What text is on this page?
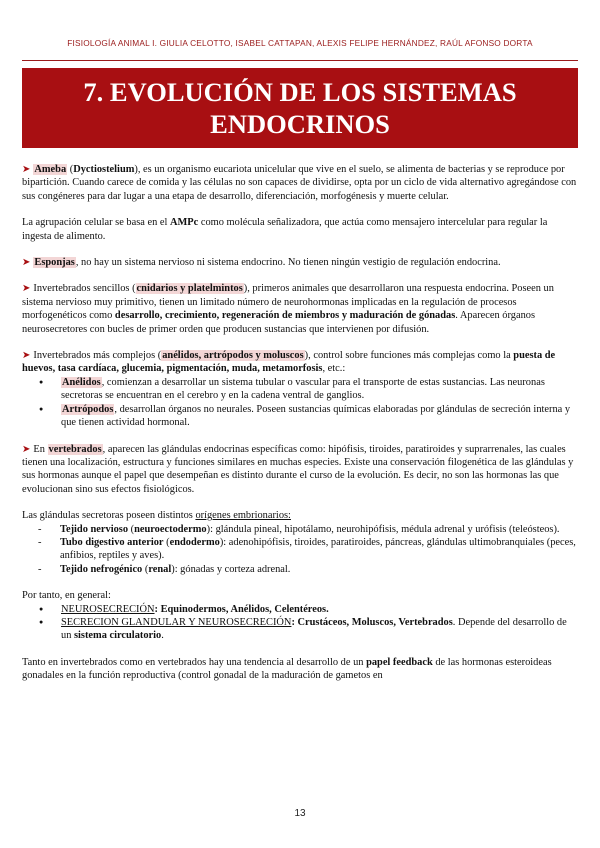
FISIOLOGÍA ANIMAL I. GIULIA CELOTTO, ISABEL CATTAPAN, ALEXIS FELIPE HERNÁNDEZ, RAÚL AFONSO DORTA
7. EVOLUCIÓN DE LOS SISTEMAS
ENDOCRINOS

➤ Ameba (Dyctiostelium), es un organismo eucariota unicelular que vive en el suelo, se alimenta de bacterias y se reproduce por bipartición. Cuando carece de comida y las células no son capaces de dividirse, opta por un ciclo de vida alternativo agregándose con sus congéneres para dar lugar a una etapa de desarrollo, diferenciación, morfogénesis y muerte celular.

La agrupación celular se basa en el AMPc como molécula señalizadora, que actúa como mensajero intercelular para regular la ingesta de alimento.

➤ Esponjas, no hay un sistema nervioso ni sistema endocrino. No tienen ningún vestigio de regulación endocrina.

➤ Invertebrados sencillos (cnidarios y platelmintos), primeros animales que desarrollaron una respuesta endocrina. Poseen un sistema nervioso muy primitivo, tienen un limitado número de neurohormonas implicadas en la regulación de procesos morfogenéticos como desarrollo, crecimiento, regeneración de miembros y maduración de gónadas. Aparecen órganos neurosecretores con bucles de primer orden que producen sustancias que intervienen por difusión.

➤ Invertebrados más complejos (anélidos, artrópodos y moluscos), control sobre funciones más complejas como la puesta de huevos, tasa cardíaca, glucemia, pigmentación, muda, metamorfosis, etc.:

● Anélidos, comienzan a desarrollar un sistema tubular o vascular para el transporte de estas sustancias. Las neuronas secretoras se encuentran en el cerebro y en la cadena ventral de ganglios.
● Artrópodos, desarrollan órganos no neurales. Poseen sustancias químicas elaboradas por glándulas de secreción interna y que tienen actividad hormonal.

➤ En vertebrados, aparecen las glándulas endocrinas específicas como: hipófisis, tiroides, paratiroides y suprarrenales, las cuales tienen una localización, estructura y funciones similares en muchas especies. Existe una conservación filogenética de las glándulas y sus hormonas aunque el papel que desempeñan es distinto durante el curso de la evolución. Es decir, no son las hormonas las que evolucionan sino sus efectos fisiológicos.

Las glándulas secretoras poseen distintos orígenes embrionarios:

- Tejido nervioso (neuroectodermo): glándula pineal, hipotálamo, neurohipófisis, médula adrenal y urófisis (teleósteos).
- Tubo digestivo anterior (endodermo): adenohipófisis, tiroides, paratiroides, páncreas, glándulas ultimobranquiales (peces, anfibios, reptiles y aves).
- Tejido nefrogénico (renal): gónadas y corteza adrenal.

Por tanto, en general:

● NEUROSECRECIÓN: Equinodermos, Anélidos, Celentéreos.
● SECRECION GLANDULAR Y NEUROSECRECIÓN: Crustáceos, Moluscos, Vertebrados. Depende del desarrollo de un sistema circulatorio.

Tanto en invertebrados como en vertebrados hay una tendencia al desarrollo de un papel feedback de las hormonas esteroideas gonadales en la función reproductiva (control gonadal de la maduración de gametos en

13
